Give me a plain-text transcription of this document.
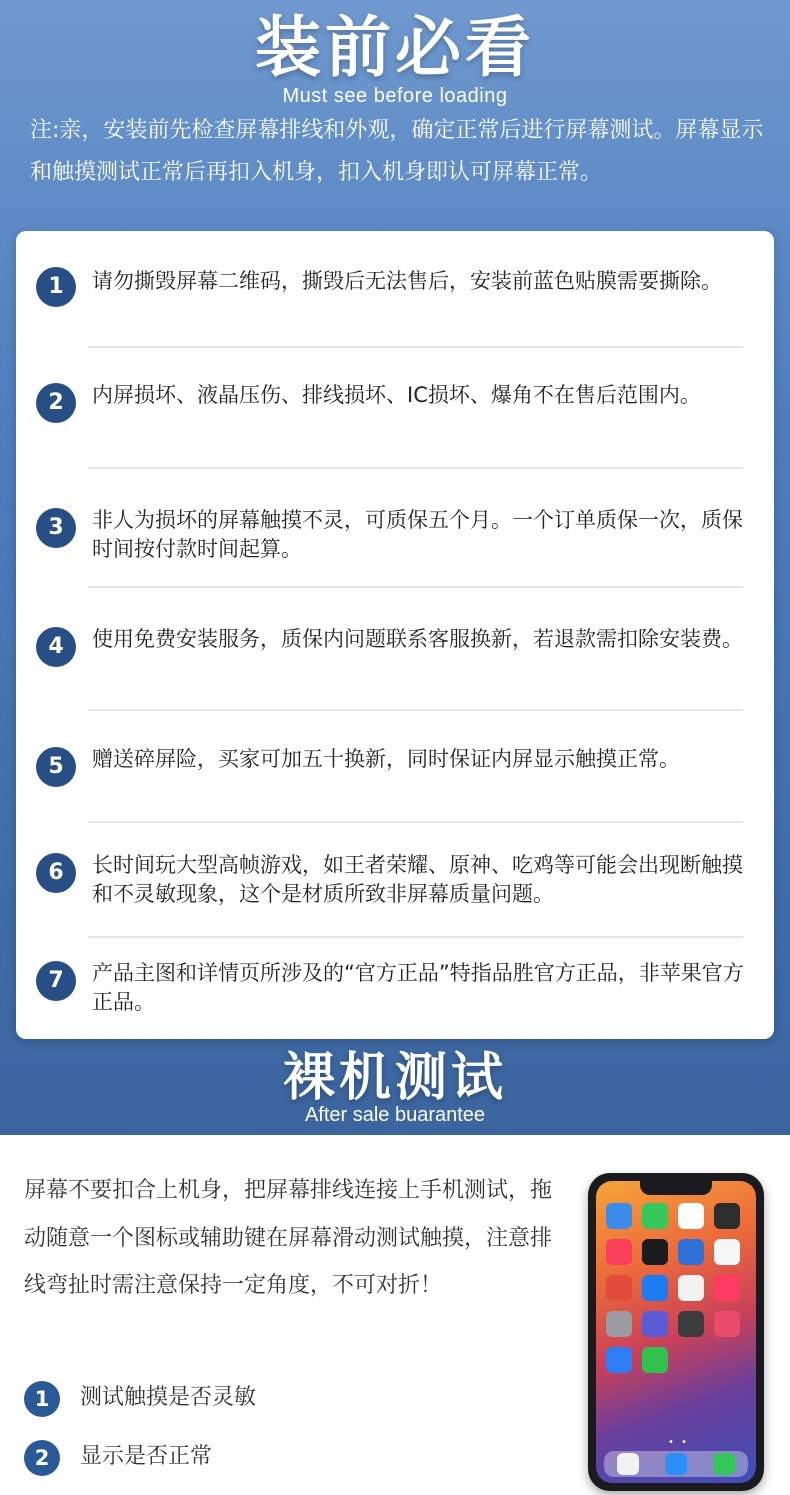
装前必看
Must see before loading
注:亲，安装前先检查屏幕排线和外观，确定正常后进行屏幕测试。屏幕显示和触摸测试正常后再扣入机身，扣入机身即认可屏幕正常。
1	请勿撕毁屏幕二维码，撕毁后无法售后，安装前蓝色贴膜需要撕除。
2	内屏损坏、液晶压伤、排线损坏、IC损坏、爆角不在售后范围内。
3	非人为损坏的屏幕触摸不灵，可质保五个月。一个订单质保一次，质保时间按付款时间起算。
4	使用免费安装服务，质保内问题联系客服换新，若退款需扣除安装费。
5	赠送碎屏险，买家可加五十换新，同时保证内屏显示触摸正常。
6	长时间玩大型高帧游戏，如王者荣耀、原神、吃鸡等可能会出现断触摸和不灵敏现象，这个是材质所致非屏幕质量问题。
7	产品主图和详情页所涉及的“官方正品”特指品胜官方正品，非苹果官方正品。
裸机测试
After sale buarantee
屏幕不要扣合上机身，把屏幕排线连接上手机测试，拖动随意一个图标或辅助键在屏幕滑动测试触摸，注意排线弯扯时需注意保持一定角度，不可对折！
1	测试触摸是否灵敏
2	显示是否正常
• •
